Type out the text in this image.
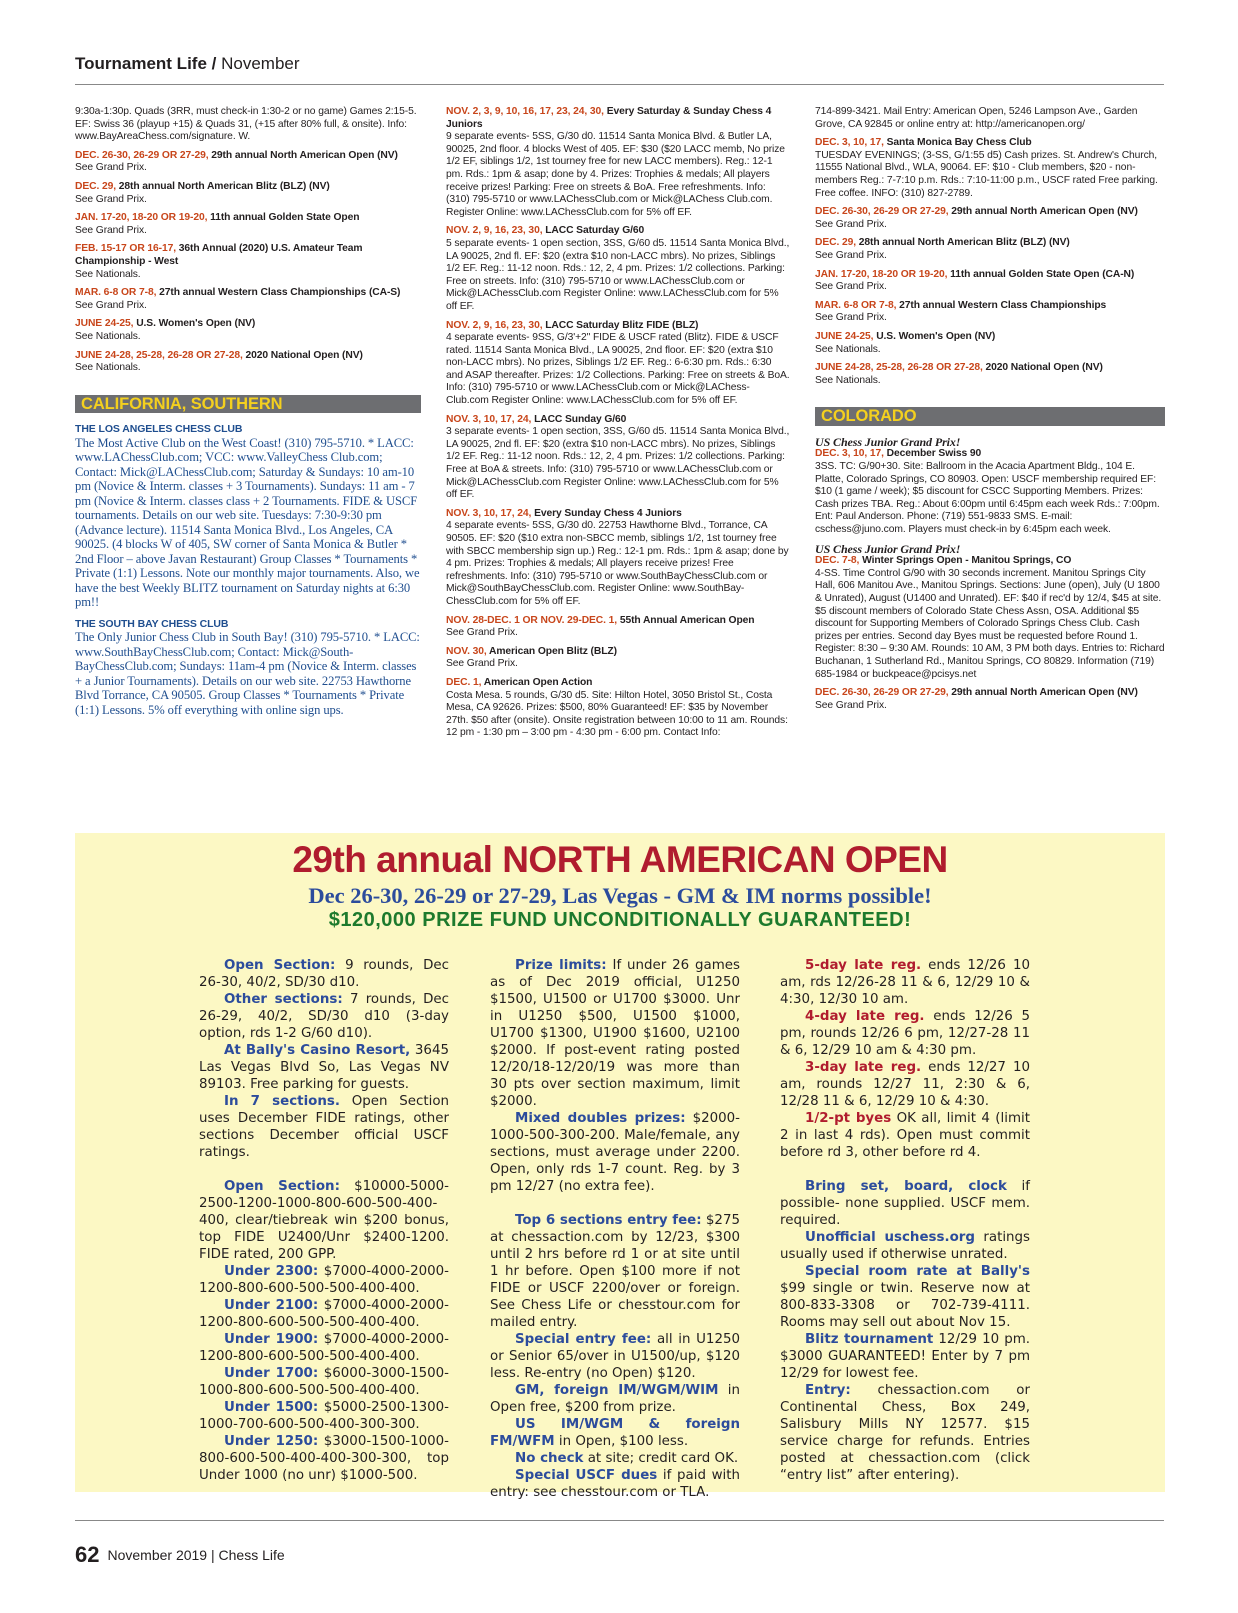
Tournament Life / November
9:30a-1:30p. Quads (3RR, must check-in 1:30-2 or no game) Games 2:15-5. EF: Swiss 36 (playup +15) & Quads 31, (+15 after 80% full, & onsite). Info: www.BayAreaChess.com/signature. W.
DEC. 26-30, 26-29 OR 27-29, 29th annual North American Open (NV)
See Grand Prix.
DEC. 29, 28th annual North American Blitz (BLZ) (NV)
See Grand Prix.
JAN. 17-20, 18-20 OR 19-20, 11th annual Golden State Open
See Grand Prix.
FEB. 15-17 OR 16-17, 36th Annual (2020) U.S. Amateur Team Championship - West
See Nationals.
MAR. 6-8 OR 7-8, 27th annual Western Class Championships (CA-S)
See Grand Prix.
JUNE 24-25, U.S. Women's Open (NV)
See Nationals.
JUNE 24-28, 25-28, 26-28 OR 27-28, 2020 National Open (NV)
See Nationals.
CALIFORNIA, SOUTHERN
THE LOS ANGELES CHESS CLUB
The Most Active Club on the West Coast! (310) 795-5710. * LACC: www.LAChessClub.com; VCC: www.ValleyChess Club.com; Contact: Mick@LAChessClub.com; Saturday & Sundays: 10 am-10 pm (Novice & Interm. classes + 3 Tournaments). Sundays: 11 am - 7 pm (Novice & Interm. classes class + 2 Tournaments. FIDE & USCF tournaments. Details on our web site. Tuesdays: 7:30-9:30 pm (Advance lecture). 11514 Santa Monica Blvd., Los Angeles, CA 90025. (4 blocks W of 405, SW corner of Santa Monica & Butler * 2nd Floor – above Javan Restaurant) Group Classes * Tournaments * Private (1:1) Lessons. Note our monthly major tournaments. Also, we have the best Weekly BLITZ tournament on Saturday nights at 6:30 pm!!
THE SOUTH BAY CHESS CLUB
The Only Junior Chess Club in South Bay! (310) 795-5710. * LACC: www.SouthBayChessClub.com; Contact: Mick@South-BayChessClub.com; Sundays: 11am-4 pm (Novice & Interm. classes + a Junior Tournaments). Details on our web site. 22753 Hawthorne Blvd Torrance, CA 90505. Group Classes * Tournaments * Private (1:1) Lessons. 5% off everything with online sign ups.
NOV. 2, 3, 9, 10, 16, 17, 23, 24, 30, Every Saturday & Sunday Chess 4 Juniors
9 separate events- 5SS, G/30 d0. 11514 Santa Monica Blvd. & Butler LA, 90025, 2nd floor. 4 blocks West of 405. EF: $30 ($20 LACC memb, No prize 1/2 EF, siblings 1/2, 1st tourney free for new LACC members). Reg.: 12-1 pm. Rds.: 1pm & asap; done by 4. Prizes: Trophies & medals; All players receive prizes! Parking: Free on streets & BoA. Free refreshments. Info: (310) 795-5710 or www.LAChessClub.com or Mick@LAChess Club.com. Register Online: www.LAChessClub.com for 5% off EF.
NOV. 2, 9, 16, 23, 30, LACC Saturday G/60
5 separate events- 1 open section, 3SS, G/60 d5. 11514 Santa Monica Blvd., LA 90025, 2nd fl. EF: $20 (extra $10 non-LACC mbrs). No prizes, Siblings 1/2 EF. Reg.: 11-12 noon. Rds.: 12, 2, 4 pm. Prizes: 1/2 collections. Parking: Free on streets. Info: (310) 795-5710 or www.LAChessClub.com or Mick@LAChessClub.com Register Online: www.LAChessClub.com for 5% off EF.
NOV. 2, 9, 16, 23, 30, LACC Saturday Blitz FIDE (BLZ)
4 separate events- 9SS, G/3'+2" FIDE & USCF rated (Blitz). FIDE & USCF rated. 11514 Santa Monica Blvd., LA 90025, 2nd floor. EF: $20 (extra $10 non-LACC mbrs). No prizes, Siblings 1/2 EF. Reg.: 6-6:30 pm. Rds.: 6:30 and ASAP thereafter. Prizes: 1/2 Collections. Parking: Free on streets & BoA. Info: (310) 795-5710 or www.LAChessClub.com or Mick@LAChess-Club.com Register Online: www.LAChessClub.com for 5% off EF.
NOV. 3, 10, 17, 24, LACC Sunday G/60
3 separate events- 1 open section, 3SS, G/60 d5. 11514 Santa Monica Blvd., LA 90025, 2nd fl. EF: $20 (extra $10 non-LACC mbrs). No prizes, Siblings 1/2 EF. Reg.: 11-12 noon. Rds.: 12, 2, 4 pm. Prizes: 1/2 collections. Parking: Free at BoA & streets. Info: (310) 795-5710 or www.LAChessClub.com or Mick@LAChessClub.com Register Online: www.LAChessClub.com for 5% off EF.
NOV. 3, 10, 17, 24, Every Sunday Chess 4 Juniors
4 separate events- 5SS, G/30 d0. 22753 Hawthorne Blvd., Torrance, CA 90505. EF: $20 ($10 extra non-SBCC memb, siblings 1/2, 1st tourney free with SBCC membership sign up.) Reg.: 12-1 pm. Rds.: 1pm & asap; done by 4 pm. Prizes: Trophies & medals; All players receive prizes! Free refreshments. Info: (310) 795-5710 or www.SouthBayChessClub.com or Mick@SouthBayChessClub.com. Register Online: www.SouthBay-ChessClub.com for 5% off EF.
NOV. 28-DEC. 1 OR NOV. 29-DEC. 1, 55th Annual American Open
See Grand Prix.
NOV. 30, American Open Blitz (BLZ)
See Grand Prix.
DEC. 1, American Open Action
Costa Mesa. 5 rounds, G/30 d5. Site: Hilton Hotel, 3050 Bristol St., Costa Mesa, CA 92626. Prizes: $500, 80% Guaranteed! EF: $35 by November 27th. $50 after (onsite). Onsite registration between 10:00 to 11 am. Rounds: 12 pm - 1:30 pm – 3:00 pm - 4:30 pm - 6:00 pm. Contact Info:
714-899-3421. Mail Entry: American Open, 5246 Lampson Ave., Garden Grove, CA 92845 or online entry at: http://americanopen.org/
DEC. 3, 10, 17, Santa Monica Bay Chess Club
TUESDAY EVENINGS; (3-SS, G/1:55 d5) Cash prizes. St. Andrew's Church, 11555 National Blvd., WLA, 90064. EF: $10 - Club members, $20 - non-members Reg.: 7-7:10 p.m. Rds.: 7:10-11:00 p.m., USCF rated Free parking. Free coffee. INFO: (310) 827-2789.
DEC. 26-30, 26-29 OR 27-29, 29th annual North American Open (NV)
See Grand Prix.
DEC. 29, 28th annual North American Blitz (BLZ) (NV)
See Grand Prix.
JAN. 17-20, 18-20 OR 19-20, 11th annual Golden State Open (CA-N)
See Grand Prix.
MAR. 6-8 OR 7-8, 27th annual Western Class Championships
See Grand Prix.
JUNE 24-25, U.S. Women's Open (NV)
See Nationals.
JUNE 24-28, 25-28, 26-28 OR 27-28, 2020 National Open (NV)
See Nationals.
COLORADO
US Chess Junior Grand Prix!
DEC. 3, 10, 17, December Swiss 90
3SS. TC: G/90+30. Site: Ballroom in the Acacia Apartment Bldg., 104 E. Platte, Colorado Springs, CO 80903. Open: USCF membership required EF: $10 (1 game / week); $5 discount for CSCC Supporting Members. Prizes: Cash prizes TBA. Reg.: About 6:00pm until 6:45pm each week Rds.: 7:00pm. Ent: Paul Anderson. Phone: (719) 551-9833 SMS. E-mail: cschess@juno.com. Players must check-in by 6:45pm each week.
US Chess Junior Grand Prix!
DEC. 7-8, Winter Springs Open - Manitou Springs, CO
4-SS. Time Control G/90 with 30 seconds increment. Manitou Springs City Hall, 606 Manitou Ave., Manitou Springs. Sections: June (open), July (U 1800 & Unrated), August (U1400 and Unrated). EF: $40 if rec'd by 12/4, $45 at site. $5 discount members of Colorado State Chess Assn, OSA. Additional $5 discount for Supporting Members of Colorado Springs Chess Club. Cash prizes per entries. Second day Byes must be requested before Round 1. Register: 8:30 – 9:30 AM. Rounds: 10 AM, 3 PM both days. Entries to: Richard Buchanan, 1 Sutherland Rd., Manitou Springs, CO 80829. Information (719) 685-1984 or buckpeace@pcisys.net
DEC. 26-30, 26-29 OR 27-29, 29th annual North American Open (NV)
See Grand Prix.
29th annual NORTH AMERICAN OPEN
Dec 26-30, 26-29 or 27-29, Las Vegas - GM & IM norms possible!
$120,000 PRIZE FUND UNCONDITIONALLY GUARANTEED!

Open Section: 9 rounds, Dec 26-30, 40/2, SD/30 d10.

Other sections: 7 rounds, Dec 26-29, 40/2, SD/30 d10 (3-day option, rds 1-2 G/60 d10).

At Bally's Casino Resort, 3645 Las Vegas Blvd So, Las Vegas NV 89103. Free parking for guests.

In 7 sections. Open Section uses December FIDE ratings, other sections December official USCF ratings.

Open Section: $10000-5000-2500-1200-1000-800-600-500-400-400, clear/tiebreak win $200 bonus, top FIDE U2400/Unr $2400-1200. FIDE rated, 200 GPP.

Under 2300: $7000-4000-2000-1200-800-600-500-500-400-400.

Under 2100: $7000-4000-2000-1200-800-600-500-500-400-400.

Under 1900: $7000-4000-2000-1200-800-600-500-500-400-400.

Under 1700: $6000-3000-1500-1000-800-600-500-500-400-400.

Under 1500: $5000-2500-1300-1000-700-600-500-400-300-300.

Under 1250: $3000-1500-1000-800-600-500-400-400-300-300, top Under 1000 (no unr) $1000-500.

Prize limits: If under 26 games as of Dec 2019 official, U1250 $1500, U1500 or U1700 $3000. Unr in U1250 $500, U1500 $1000, U1700 $1300, U1900 $1600, U2100 $2000. If post-event rating posted 12/20/18-12/20/19 was more than 30 pts over section maximum, limit $2000.

Mixed doubles prizes: $2000-1000-500-300-200. Male/female, any sections, must average under 2200. Open, only rds 1-7 count. Reg. by 3 pm 12/27 (no extra fee).

Top 6 sections entry fee: $275 at chessaction.com by 12/23, $300 until 2 hrs before rd 1 or at site until 1 hr before. Open $100 more if not FIDE or USCF 2200/over or foreign. See Chess Life or chesstour.com for mailed entry.

Special entry fee: all in U1250 or Senior 65/over in U1500/up, $120 less. Re-entry (no Open) $120.

GM, foreign IM/WGM/WIM in Open free, $200 from prize.

US IM/WGM & foreign FM/WFM in Open, $100 less.

No check at site; credit card OK.

Special USCF dues if paid with entry: see chesstour.com or TLA.

5-day late reg. ends 12/26 10 am, rds 12/26-28 11 & 6, 12/29 10 & 4:30, 12/30 10 am.

4-day late reg. ends 12/26 5 pm, rounds 12/26 6 pm, 12/27-28 11 & 6, 12/29 10 am & 4:30 pm.

3-day late reg. ends 12/27 10 am, rounds 12/27 11, 2:30 & 6, 12/28 11 & 6, 12/29 10 & 4:30.

1/2-pt byes OK all, limit 4 (limit 2 in last 4 rds). Open must commit before rd 3, other before rd 4.

Bring set, board, clock if possible- none supplied. USCF mem. required.

Unofficial uschess.org ratings usually used if otherwise unrated.

Special room rate at Bally's $99 single or twin. Reserve now at 800-833-3308 or 702-739-4111. Rooms may sell out about Nov 15.

Blitz tournament 12/29 10 pm. $3000 GUARANTEED! Enter by 7 pm 12/29 for lowest fee.

Entry: chessaction.com or Continental Chess, Box 249, Salisbury Mills NY 12577. $15 service charge for refunds. Entries posted at chessaction.com (click “entry list” after entering).

62 November 2019 | Chess Life
